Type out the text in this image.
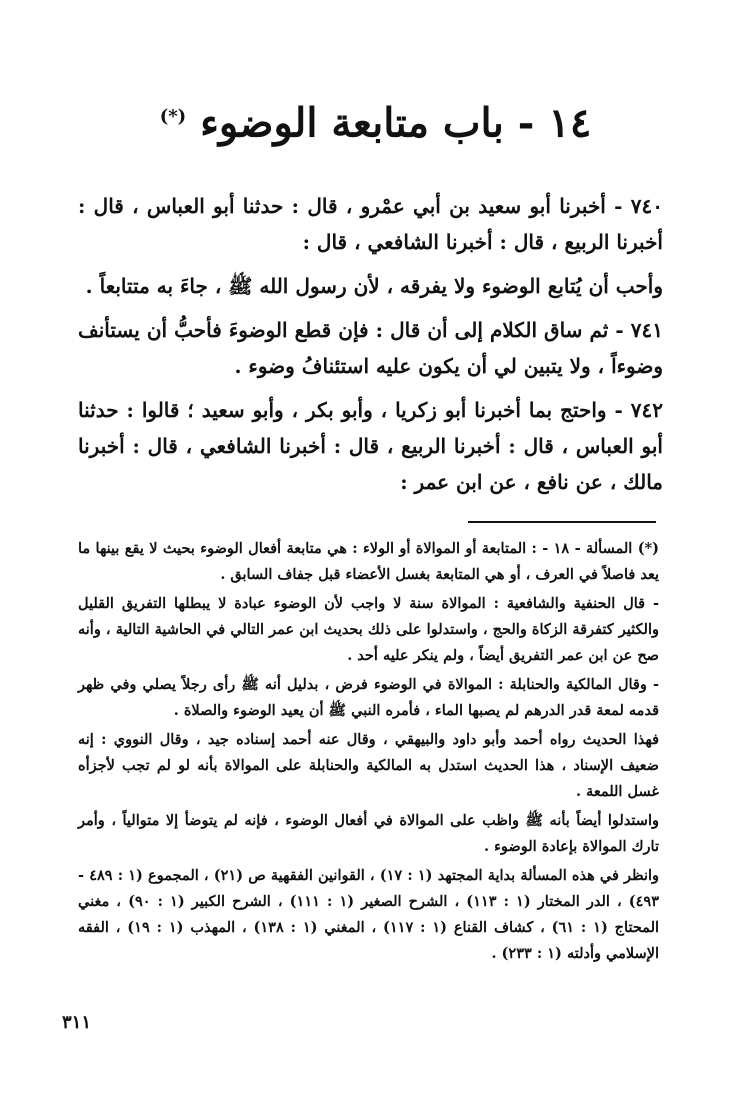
١٤ - باب متابعة الوضوء (*)

٧٤٠ - أخبرنا أبو سعيد بن أبي عمْرو ، قال : حدثنا أبو العباس ، قال : أخبرنا الربيع ، قال : أخبرنا الشافعي ، قال :

وأحب أن يُتابع الوضوء ولا يفرقه ، لأن رسول الله ﷺ ، جاءَ به متتابعاً .

٧٤١ - ثم ساق الكلام إلى أن قال : فإن قطع الوضوءَ فأحبُّ أن يستأنف وضوءاً ، ولا يتبين لي أن يكون عليه استئنافُ وضوء .

٧٤٢ - واحتج بما أخبرنا أبو زكريا ، وأبو بكر ، وأبو سعيد ؛ قالوا : حدثنا أبو العباس ، قال : أخبرنا الربيع ، قال : أخبرنا الشافعي ، قال : أخبرنا مالك ، عن نافع ، عن ابن عمر :

(*) المسألة - ١٨ - : المتابعة أو الموالاة أو الولاء : هي متابعة أفعال الوضوء بحيث لا يقع بينها ما يعد فاصلاً في العرف ، أو هي المتابعة بغسل الأعضاء قبل جفاف السابق .

- قال الحنفية والشافعية : الموالاة سنة لا واجب لأن الوضوء عبادة لا يبطلها التفريق القليل والكثير كتفرقة الزكاة والحج ، واستدلوا على ذلك بحديث ابن عمر التالي في الحاشية التالية ، وأنه صح عن ابن عمر التفريق أيضاً ، ولم ينكر عليه أحد .

- وقال المالكية والحنابلة : الموالاة في الوضوء فرض ، بدليل أنه ﷺ رأى رجلاً يصلي وفي ظهر قدمه لمعة قدر الدرهم لم يصبها الماء ، فأمره النبي ﷺ أن يعيد الوضوء والصلاة .

فهذا الحديث رواه أحمد وأبو داود والبيهقي ، وقال عنه أحمد إسناده جيد ، وقال النووي : إنه ضعيف الإسناد ، هذا الحديث استدل به المالكية والحنابلة على الموالاة بأنه لو لم تجب لأجزأه غسل اللمعة .

واستدلوا أيضاً بأنه ﷺ واظب على الموالاة في أفعال الوضوء ، فإنه لم يتوضأ إلا متوالياً ، وأمر تارك الموالاة بإعادة الوضوء .

وانظر في هذه المسألة بداية المجتهد (١ : ١٧) ، القوانين الفقهية ص (٢١) ، المجموع (١ : ٤٨٩ - ٤٩٣) ، الدر المختار (١ : ١١٣) ، الشرح الصغير (١ : ١١١) ، الشرح الكبير (١ : ٩٠) ، مغني المحتاج (١ : ٦١) ، كشاف القناع (١ : ١١٧) ، المغني (١ : ١٣٨) ، المهذب (١ : ١٩) ، الفقه الإسلامي وأدلته (١ : ٢٣٣) .

٣١١
